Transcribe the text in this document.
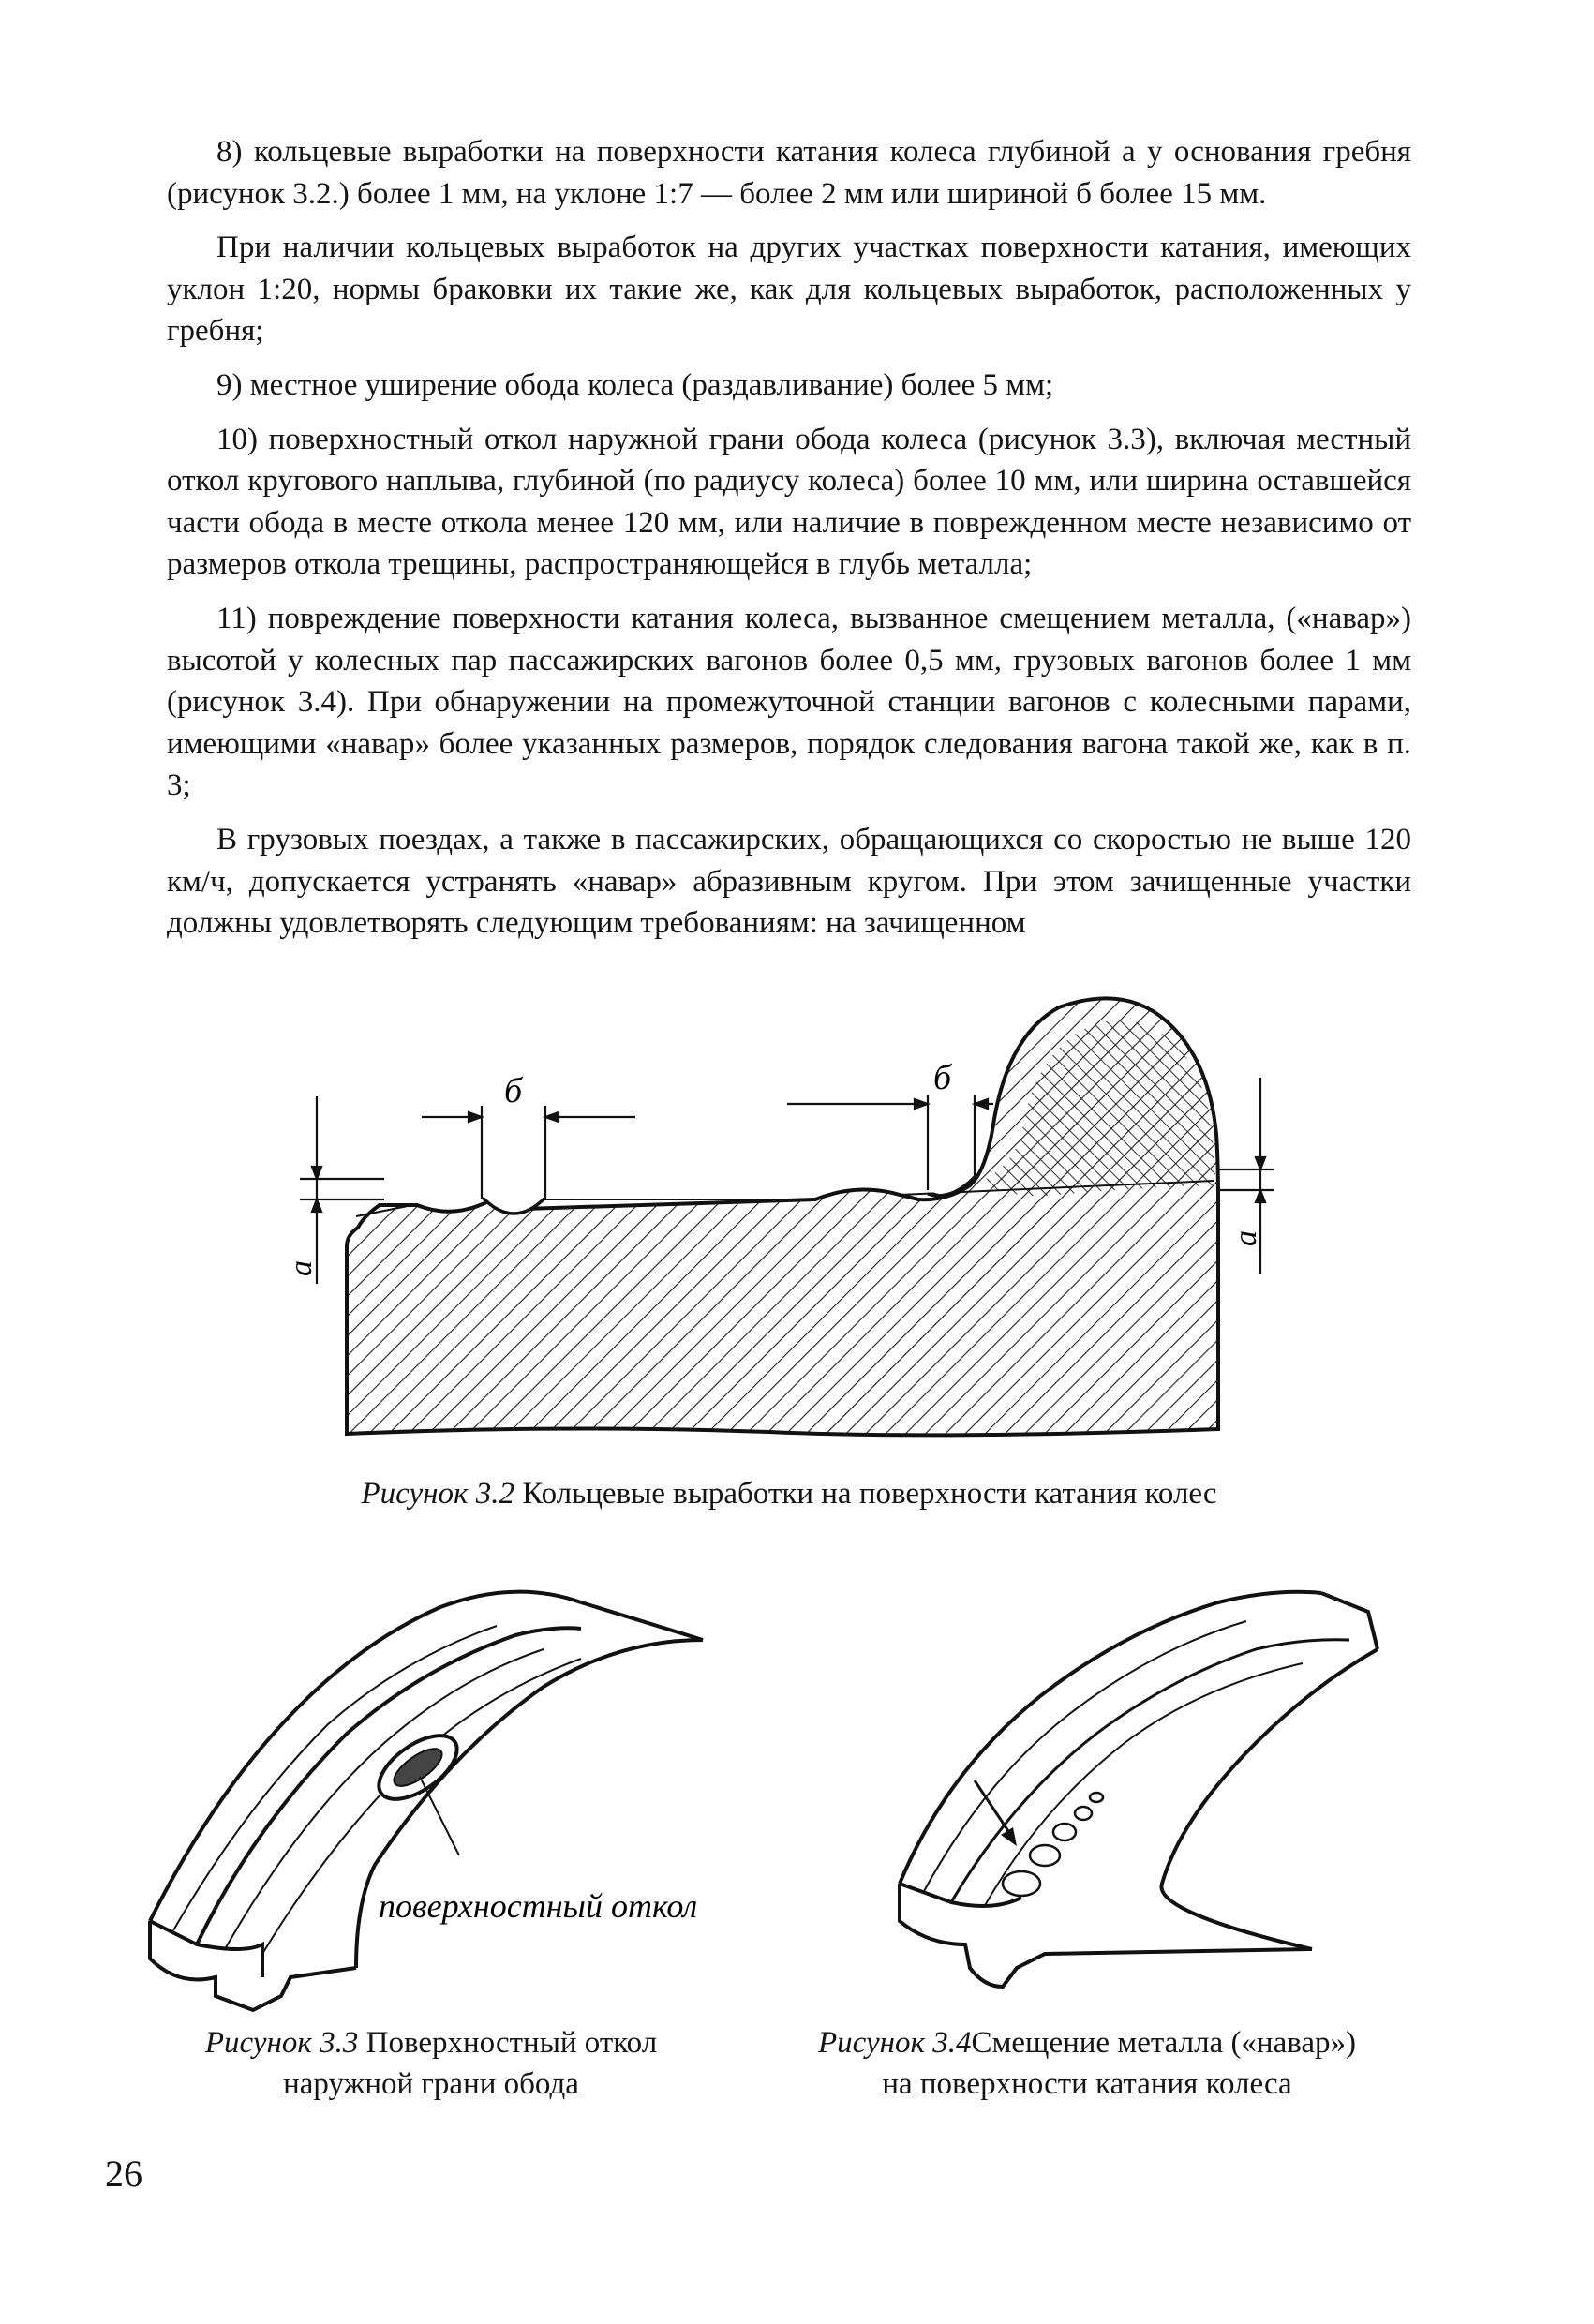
8) кольцевые выработки на поверхности катания колеса глубиной а у основания гребня (рисунок 3.2.) более 1 мм, на уклоне 1:7 — более 2 мм или шириной б более 15 мм.

При наличии кольцевых выработок на других участках поверхности катания, имеющих уклон 1:20, нормы браковки их такие же, как для кольцевых выработок, расположенных у гребня;

9) местное уширение обода колеса (раздавливание) более 5 мм;

10) поверхностный откол наружной грани обода колеса (рисунок 3.3), включая местный откол кругового наплыва, глубиной (по радиусу колеса) более 10 мм, или ширина оставшейся части обода в месте откола менее 120 мм, или наличие в поврежденном месте независимо от размеров откола трещины, распространяющейся в глубь металла;

11) повреждение поверхности катания колеса, вызванное смещением металла, («навар») высотой у колесных пар пассажирских вагонов более 0,5 мм, грузовых вагонов более 1 мм (рисунок 3.4). При обнаружении на промежуточной станции вагонов с колесными парами, имеющими «навар» более указанных размеров, порядок следования вагона такой же, как в п. 3;

В грузовых поездах, а также в пассажирских, обращающихся со скоростью не выше 120 км/ч, допускается устранять «навар» абразивным кругом. При этом зачищенные участки должны удовлетворять следующим требованиям: на зачищенном

a
б	б
a
Рисунок 3.2 Кольцевые выработки на поверхности катания колес
поверхностный откол
Рисунок 3.3 Поверхностный откол
наружной грани обода
Рисунок 3.4Смещение металла («навар»)
на поверхности катания колеса
26
